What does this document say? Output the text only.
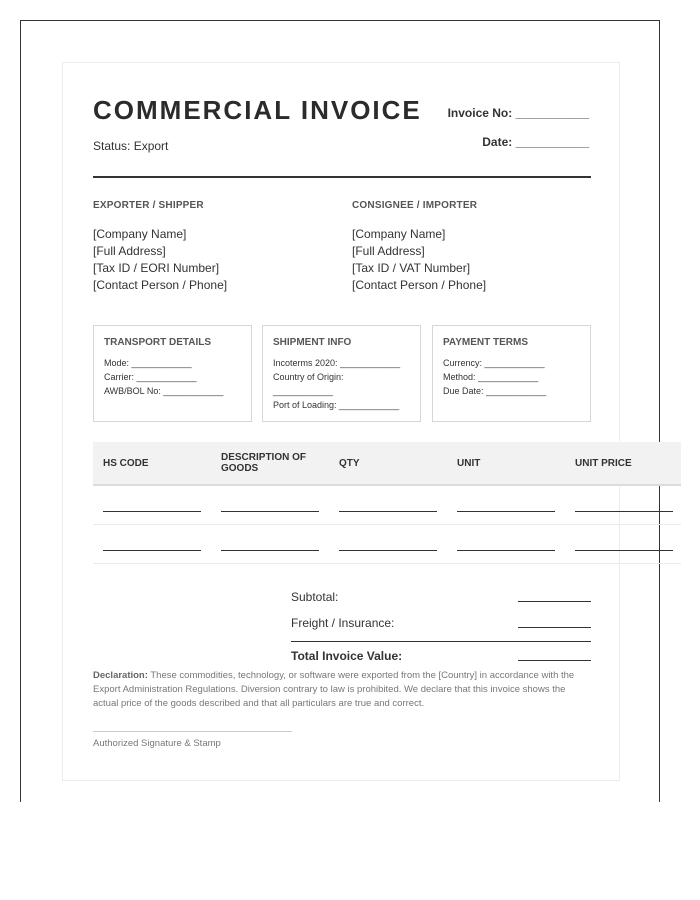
COMMERCIAL INVOICE
Status: Export
Invoice No: ___________
Date: ___________
EXPORTER / SHIPPER
[Company Name]
[Full Address]
[Tax ID / EORI Number]
[Contact Person / Phone]
CONSIGNEE / IMPORTER
[Company Name]
[Full Address]
[Tax ID / VAT Number]
[Contact Person / Phone]
TRANSPORT DETAILS
Mode: ____________
Carrier: ____________
AWB/BOL No: ____________
SHIPMENT INFO
Incoterms 2020: ____________
Country of Origin:
____________
Port of Loading: ____________
PAYMENT TERMS
Currency: ____________
Method: ____________
Due Date: ____________
HS CODE	DESCRIPTION OF GOODS	QTY	UNIT	UNIT PRICE
Subtotal:
Freight / Insurance:
Total Invoice Value:
Declaration: These commodities, technology, or software were exported from the [Country] in accordance with the Export Administration Regulations. Diversion contrary to law is prohibited. We declare that this invoice shows the actual price of the goods described and that all particulars are true and correct.
Authorized Signature & Stamp
